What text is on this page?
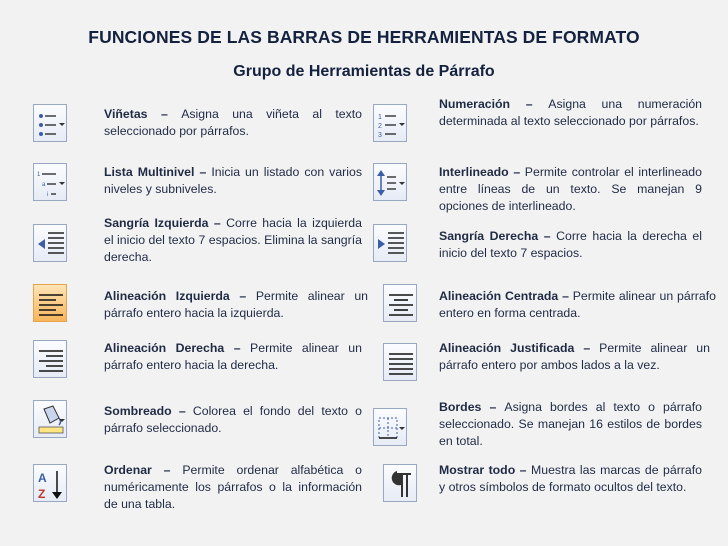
FUNCIONES DE LAS BARRAS DE HERRAMIENTAS DE FORMATO
Grupo de Herramientas de Párrafo
Viñetas – Asigna una viñeta al texto seleccionado por párrafos.
1
2
3
Numeración – Asigna una numeración determinada al texto seleccionado por párrafos.
1
a
i
Lista Multinivel – Inicia un listado con varios niveles y subniveles.
Interlineado – Permite controlar el interlineado entre líneas de un texto. Se manejan 9 opciones de interlineado.
Sangría Izquierda – Corre hacia la izquierda el inicio del texto 7 espacios. Elimina la sangría derecha.
Sangría Derecha – Corre hacia la derecha el inicio del texto 7 espacios.
Alineación Izquierda – Permite alinear un párrafo entero hacia la izquierda.
Alineación Centrada – Permite alinear un párrafo entero en forma centrada.
Alineación Derecha – Permite alinear un párrafo entero hacia la derecha.
Alineación Justificada – Permite alinear un párrafo entero por ambos lados a la vez.
Sombreado – Colorea el fondo del texto o párrafo seleccionado.
Bordes – Asigna bordes al texto o párrafo seleccionado. Se manejan 16 estilos de bordes en total.
A
Z
Ordenar – Permite ordenar alfabética o numéricamente los párrafos o la información de una tabla.
Mostrar todo – Muestra las marcas de párrafo y otros símbolos de formato ocultos del texto.
